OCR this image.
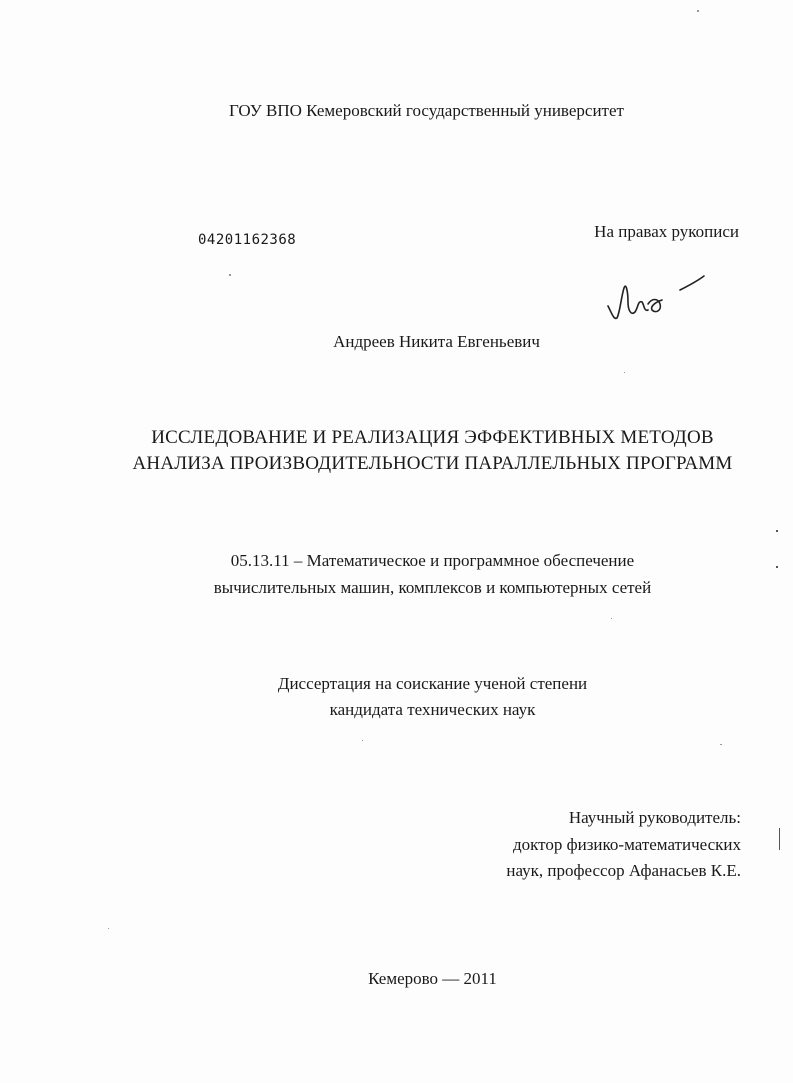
ГОУ ВПО Кемеровский государственный университет
04201162368	На правах рукописи
Андреев Никита Евгеньевич
ИССЛЕДОВАНИЕ И РЕАЛИЗАЦИЯ ЭФФЕКТИВНЫХ МЕТОДОВ
АНАЛИЗА ПРОИЗВОДИТЕЛЬНОСТИ ПАРАЛЛЕЛЬНЫХ ПРОГРАММ
05.13.11 – Математическое и программное обеспечение
вычислительных машин, комплексов и компьютерных сетей
Диссертация на соискание ученой степени
кандидата технических наук
Научный руководитель:
доктор физико-математических
наук, профессор Афанасьев К.Е.
Кемерово — 2011
